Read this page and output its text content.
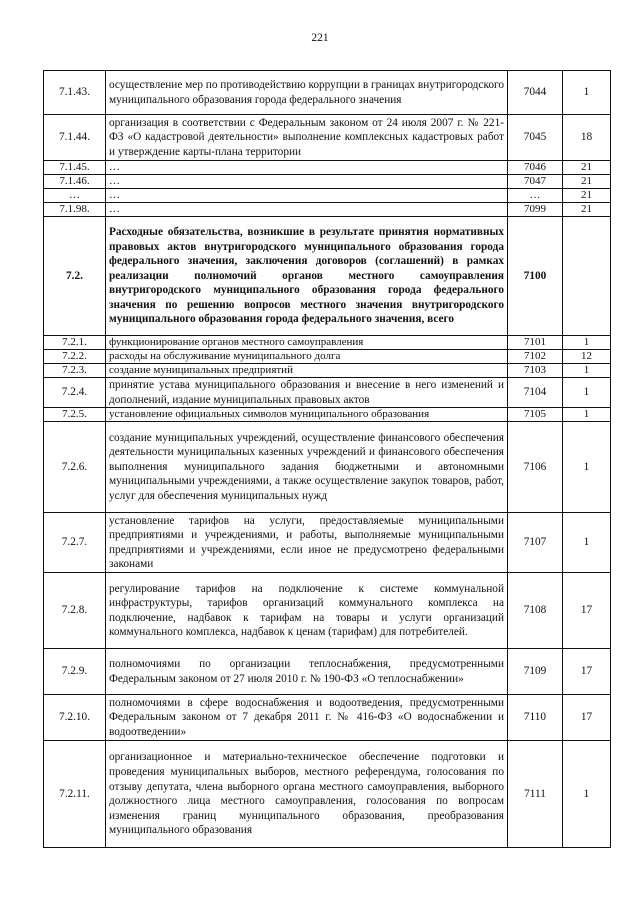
221
7.1.43.	осуществление мер по противодействию коррупции в границах внутригородского муниципального образования города федерального значения	7044	1
7.1.44.	организация в соответствии с Федеральным законом от 24 июля 2007 г. № 221-ФЗ «О кадастровой деятельности» выполнение комплексных кадастровых работ и утверждение карты-плана территории	7045	18
7.1.45.	…	7046	21
7.1.46.	…	7047	21
…	…	…	21
7.1.98.	…	7099	21
7.2.	Расходные обязательства, возникшие в результате принятия нормативных правовых актов внутригородского муниципального образования города федерального значения, заключения договоров (соглашений) в рамках реализации полномочий органов местного самоуправления внутригородского муниципального образования города федерального значения по решению вопросов местного значения внутригородского муниципального образования города федерального значения, всего	7100	
7.2.1.	функционирование органов местного самоуправления	7101	1
7.2.2.	расходы на обслуживание муниципального долга	7102	12
7.2.3.	создание муниципальных предприятий	7103	1
7.2.4.	принятие устава муниципального образования и внесение в него изменений и дополнений, издание муниципальных правовых актов	7104	1
7.2.5.	установление официальных символов муниципального образования	7105	1
7.2.6.	создание муниципальных учреждений, осуществление финансового обеспечения деятельности муниципальных казенных учреждений и финансового обеспечения выполнения муниципального задания бюджетными и автономными муниципальными учреждениями, а также осуществление закупок товаров, работ, услуг для обеспечения муниципальных нужд	7106	1
7.2.7.	установление тарифов на услуги, предоставляемые муниципальными предприятиями и учреждениями, и работы, выполняемые муниципальными предприятиями и учреждениями, если иное не предусмотрено федеральными законами	7107	1
7.2.8.	регулирование тарифов на подключение к системе коммунальной инфраструктуры, тарифов организаций коммунального комплекса на подключение, надбавок к тарифам на товары и услуги организаций коммунального комплекса, надбавок к ценам (тарифам) для потребителей.	7108	17
7.2.9.	полномочиями по организации теплоснабжения, предусмотренными Федеральным законом от 27 июля 2010 г. № 190-ФЗ «О теплоснабжении»	7109	17
7.2.10.	полномочиями в сфере водоснабжения и водоотведения, предусмотренными Федеральным законом от 7 декабря 2011 г. № 416-ФЗ «О водоснабжении и водоотведении»	7110	17
7.2.11.	организационное и материально-техническое обеспечение подготовки и проведения муниципальных выборов, местного референдума, голосования по отзыву депутата, члена выборного органа местного самоуправления, выборного должностного лица местного самоуправления, голосования по вопросам изменения границ муниципального образования, преобразования муниципального образования	7111	1
